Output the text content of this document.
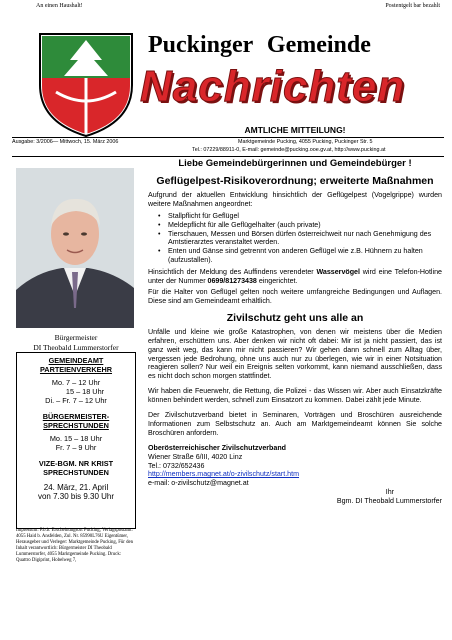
An einen Haushalt!	Postentgelt bar bezahlt
Puckinger Gemeinde
Nachrichten
AMTLICHE MITTEILUNG!
Ausgabe: 3/2006— Mittwoch, 15. März 2006	Marktgemeinde Pucking, 4055 Pucking, Puckinger Str. 5
Tel.: 07229/88911-0, E-mail: gemeinde@pucking.ooe.gv.at, http://www.pucking.at
Bürgermeister
DI Theobald Lummerstorfer
GEMEINDEAMT PARTEIENVERKEHR
Mo. 7 – 12 Uhr
15 – 18 Uhr
Di. – Fr. 7 – 12 Uhr
BÜRGERMEISTER-SPRECHSTUNDEN
Mo. 15 – 18 Uhr
Fr. 7 – 9 Uhr
VIZE-BGM. NR KRIST SPRECHSTUNDEN
24. März, 21. April
von 7.30 bis 9.30 Uhr
Impressum: P.b.b. Erscheinungsort Pucking, Verlagspostamt: 4055 Haid b. Ansfelden, Zul. Nr. 85990L76U Eigentümer, Herausgeber und Verleger: Marktgemeinde Pucking, Für den Inhalt verantwortlich: Bürgermeister DI Theobald Lummerstorfer, 4055 Marktgemeinde Pucking. Druck: Quattro Digiprint, Hobelweg 7,
Liebe Gemeindebürgerinnen und Gemeindebürger !
Geflügelpest-Risikoverordnung; erweiterte Maßnahmen

Aufgrund der aktuellen Entwicklung hinsichtlich der Geflügelpest (Vogelgrippe) wurden weitere Maßnahmen angeordnet:

• Stallpflicht für Geflügel
• Meldepflicht für alle Geflügelhalter (auch private)
• Tierschauen, Messen und Börsen dürfen österreichweit nur nach Genehmigung des Amtstierarztes veranstaltet werden.
• Enten und Gänse sind getrennt von anderen Geflügel wie z.B. Hühnern zu halten (aufzustallen).

Hinsichtlich der Meldung des Auffindens verendeter Wasservögel wird eine Telefon-Hotline unter der Nummer 0699/81273438 eingerichtet.

Für die Halter von Geflügel gelten noch weitere umfangreiche Bedingungen und Auflagen. Diese sind am Gemeindeamt erhältlich.

Zivilschutz geht uns alle an

Unfälle und kleine wie große Katastrophen, von denen wir meistens über die Medien erfahren, erschüttern uns. Aber denken wir nicht oft dabei: Mir ist ja nicht passiert, das ist ganz weit weg, das kann mir nicht passieren? Wir gehen dann schnell zum Alltag über, vergessen jede Bedrohung, ohne uns auch nur zu überlegen, wie wir in einer Notsituation reagieren sollen? Nur weil ein Ereignis selten vorkommt, kann niemand ausschließen, dass es nicht doch schon morgen stattfindet.

Wir haben die Feuerwehr, die Rettung, die Polizei - das Wissen wir. Aber auch Einsatzkräfte können behindert werden, schnell zum Einsatzort zu kommen. Dabei zählt jede Minute.

Der Zivilschutzverband bietet in Seminaren, Vorträgen und Broschüren ausreichende Informationen zum Selbstschutz an. Auch am Marktgemeindeamt können Sie solche Broschüren anfordern.

Oberösterreichischer Zivilschutzverband
Wiener Straße 6/III, 4020 Linz
Tel.: 0732/652436
http://members.magnet.at/o-zivilschutz/start.htm
e-mail: o-zivilschutz@magnet.at

Ihr

Bgm. DI Theobald Lummerstorfer
